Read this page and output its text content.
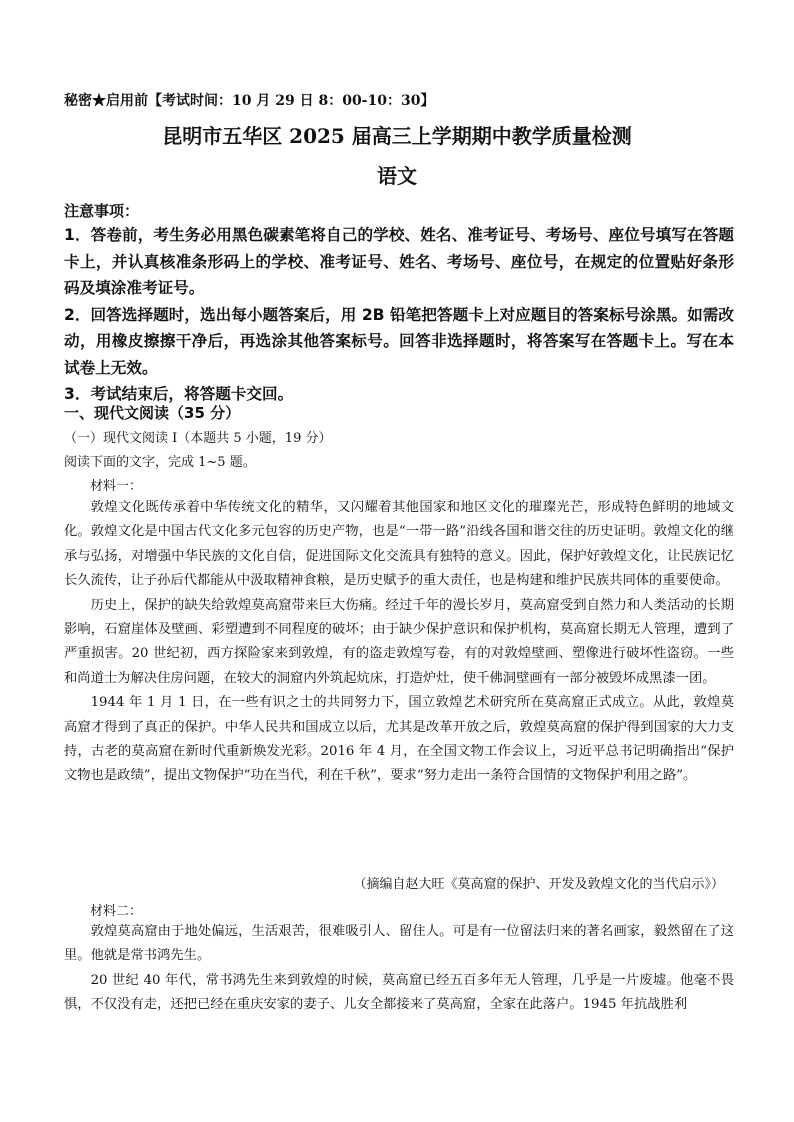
秘密★启用前【考试时间：10 月 29 日 8：00-10：30】
昆明市五华区 2025 届高三上学期期中教学质量检测
语文
注意事项：

1．答卷前，考生务必用黑色碳素笔将自己的学校、姓名、准考证号、考场号、座位号填写在答题卡上，并认真核准条形码上的学校、准考证号、姓名、考场号、座位号，在规定的位置贴好条形码及填涂准考证号。

2．回答选择题时，选出每小题答案后，用 2B 铅笔把答题卡上对应题目的答案标号涂黑。如需改动，用橡皮擦擦干净后，再选涂其他答案标号。回答非选择题时，将答案写在答题卡上。写在本试卷上无效。

3．考试结束后，将答题卡交回。

一、现代文阅读（35 分）
（一）现代文阅读 I（本题共 5 小题，19 分）
阅读下面的文字，完成 1~5 题。
材料一：

敦煌文化既传承着中华传统文化的精华，又闪耀着其他国家和地区文化的璀璨光芒，形成特色鲜明的地域文化。敦煌文化是中国古代文化多元包容的历史产物，也是“一带一路”沿线各国和谐交往的历史证明。敦煌文化的继承与弘扬，对增强中华民族的文化自信，促进国际文化交流具有独特的意义。因此，保护好敦煌文化，让民族记忆长久流传，让子孙后代都能从中汲取精神食粮，是历史赋予的重大责任，也是构建和维护民族共同体的重要使命。

历史上，保护的缺失给敦煌莫高窟带来巨大伤痛。经过千年的漫长岁月，莫高窟受到自然力和人类活动的长期影响，石窟崖体及壁画、彩塑遭到不同程度的破坏；由于缺少保护意识和保护机构，莫高窟长期无人管理，遭到了严重损害。20 世纪初，西方探险家来到敦煌，有的盗走敦煌写卷，有的对敦煌壁画、塑像进行破坏性盗窃。一些和尚道士为解决住房问题，在较大的洞窟内外筑起炕床，打造炉灶，使千佛洞壁画有一部分被毁坏成黑漆一团。

1944 年 1 月 1 日，在一些有识之士的共同努力下，国立敦煌艺术研究所在莫高窟正式成立。从此，敦煌莫高窟才得到了真正的保护。中华人民共和国成立以后，尤其是改革开放之后，敦煌莫高窟的保护得到国家的大力支持，古老的莫高窟在新时代重新焕发光彩。2016 年 4 月，在全国文物工作会议上，习近平总书记明确指出“保护文物也是政绩”，提出文物保护“功在当代，利在千秋”，要求“努力走出一条符合国情的文物保护利用之路”。

（摘编自赵大旺《莫高窟的保护、开发及敦煌文化的当代启示》）
材料二：

敦煌莫高窟由于地处偏远，生活艰苦，很难吸引人、留住人。可是有一位留法归来的著名画家，毅然留在了这里。他就是常书鸿先生。

20 世纪 40 年代，常书鸿先生来到敦煌的时候，莫高窟已经五百多年无人管理，几乎是一片废墟。他毫不畏惧，不仅没有走，还把已经在重庆安家的妻子、儿女全都接来了莫高窟，全家在此落户。1945 年抗战胜利
